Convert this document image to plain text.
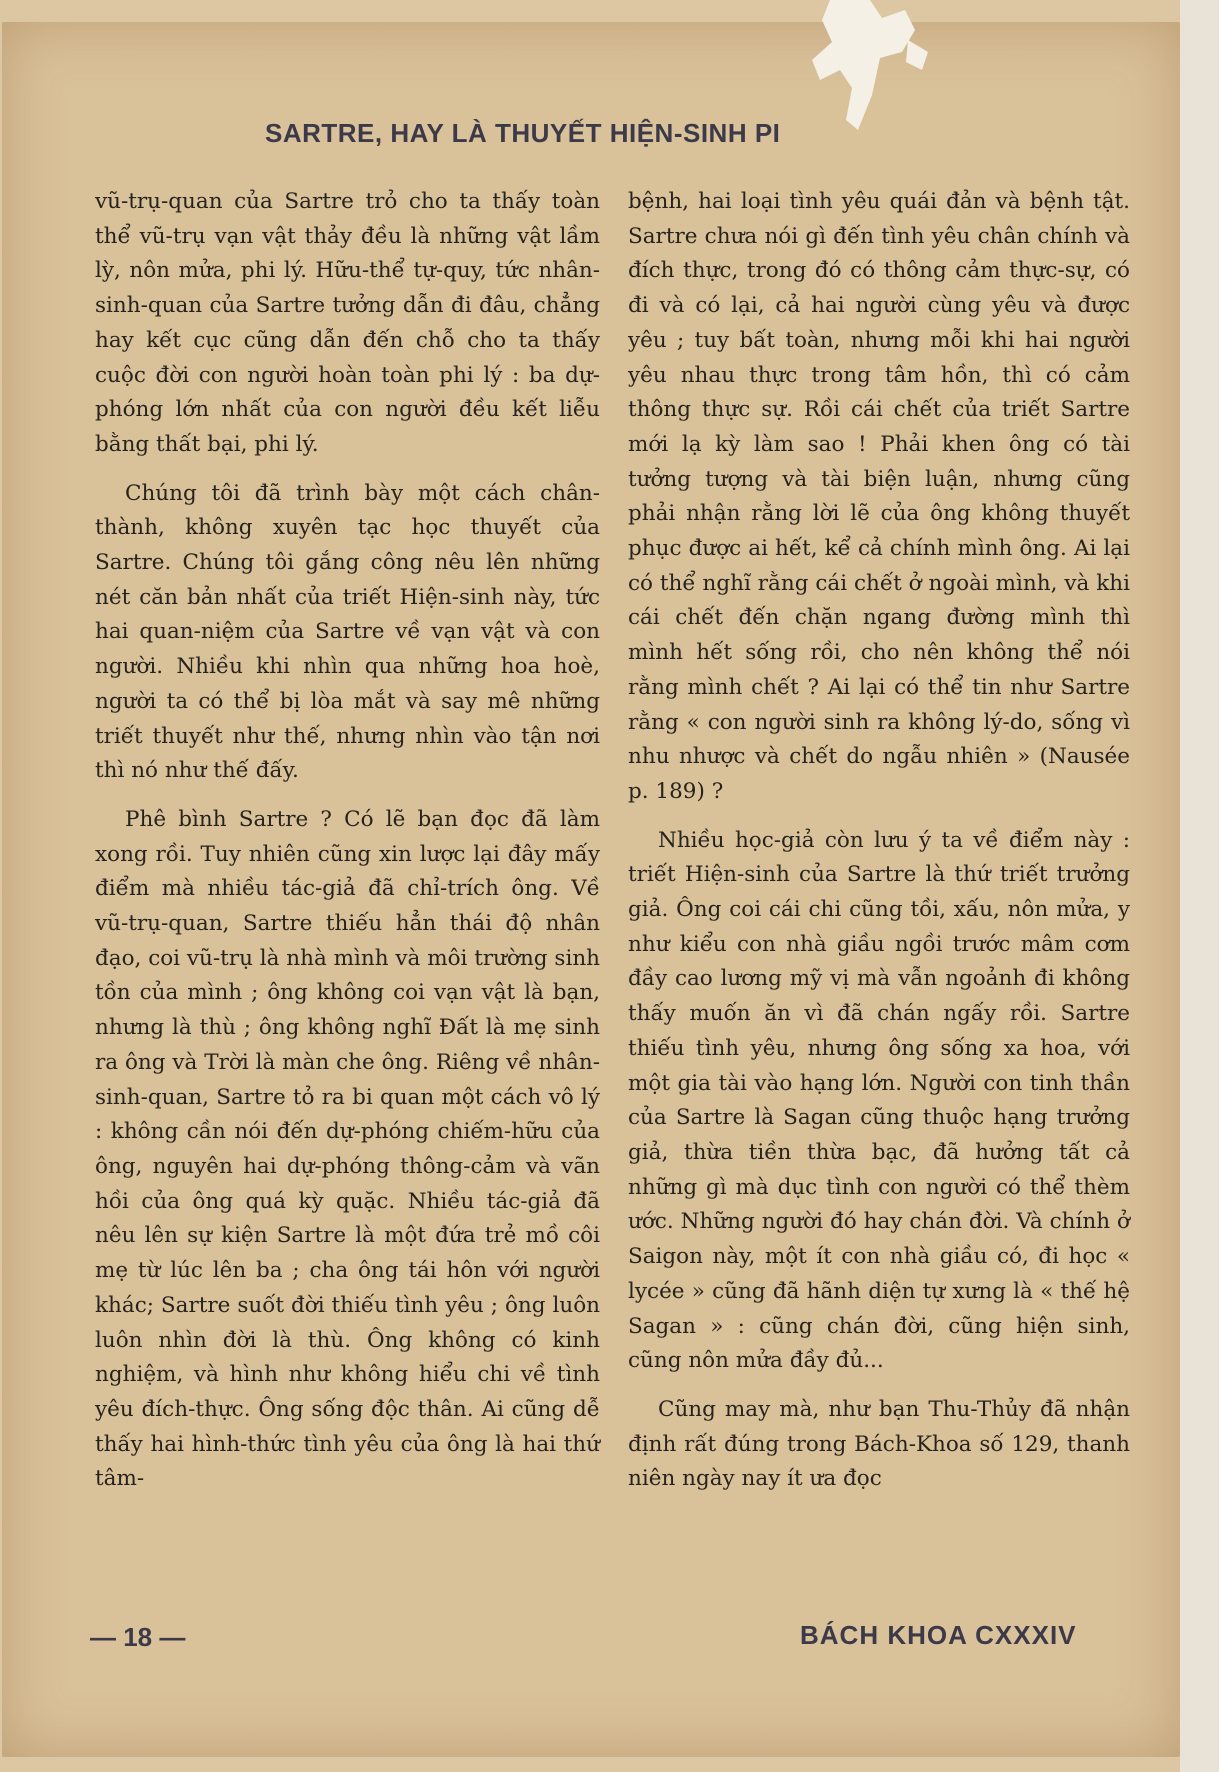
SARTRE, HAY LÀ THUYẾT HIỆN-SINH PI

vũ-trụ-quan của Sartre trỏ cho ta thấy toàn thể vũ-trụ vạn vật thảy đều là những vật lầm lỳ, nôn mửa, phi lý. Hữu-thể tự-quy, tức nhân-sinh-quan của Sartre tưởng dẫn đi đâu, chẳng hay kết cục cũng dẫn đến chỗ cho ta thấy cuộc đời con người hoàn toàn phi lý : ba dự-phóng lớn nhất của con người đều kết liễu bằng thất bại, phi lý.

Chúng tôi đã trình bày một cách chân-thành, không xuyên tạc học thuyết của Sartre. Chúng tôi gắng công nêu lên những nét căn bản nhất của triết Hiện-sinh này, tức hai quan-niệm của Sartre về vạn vật và con người. Nhiều khi nhìn qua những hoa hoè, người ta có thể bị lòa mắt và say mê những triết thuyết như thế, nhưng nhìn vào tận nơi thì nó như thế đấy.

Phê bình Sartre ? Có lẽ bạn đọc đã làm xong rồi. Tuy nhiên cũng xin lược lại đây mấy điểm mà nhiều tác-giả đã chỉ-trích ông. Về vũ-trụ-quan, Sartre thiếu hẳn thái độ nhân đạo, coi vũ-trụ là nhà mình và môi trường sinh tồn của mình ; ông không coi vạn vật là bạn, nhưng là thù ; ông không nghĩ Đất là mẹ sinh ra ông và Trời là màn che ông. Riêng về nhân-sinh-quan, Sartre tỏ ra bi quan một cách vô lý : không cần nói đến dự-phóng chiếm-hữu của ông, nguyên hai dự-phóng thông-cảm và vãn hồi của ông quá kỳ quặc. Nhiều tác-giả đã nêu lên sự kiện Sartre là một đứa trẻ mồ côi mẹ từ lúc lên ba ; cha ông tái hôn với người khác; Sartre suốt đời thiếu tình yêu ; ông luôn luôn nhìn đời là thù. Ông không có kinh nghiệm, và hình như không hiểu chi về tình yêu đích-thực. Ông sống độc thân. Ai cũng dễ thấy hai hình-thức tình yêu của ông là hai thứ tâm-

bệnh, hai loại tình yêu quái đản và bệnh tật. Sartre chưa nói gì đến tình yêu chân chính và đích thực, trong đó có thông cảm thực-sự, có đi và có lại, cả hai người cùng yêu và được yêu ; tuy bất toàn, nhưng mỗi khi hai người yêu nhau thực trong tâm hồn, thì có cảm thông thực sự. Rồi cái chết của triết Sartre mới lạ kỳ làm sao ! Phải khen ông có tài tưởng tượng và tài biện luận, nhưng cũng phải nhận rằng lời lẽ của ông không thuyết phục được ai hết, kể cả chính mình ông. Ai lại có thể nghĩ rằng cái chết ở ngoài mình, và khi cái chết đến chặn ngang đường mình thì mình hết sống rồi, cho nên không thể nói rằng mình chết ? Ai lại có thể tin như Sartre rằng « con người sinh ra không lý-do, sống vì nhu nhược và chết do ngẫu nhiên » (Nausée p. 189) ?

Nhiều học-giả còn lưu ý ta về điểm này : triết Hiện-sinh của Sartre là thứ triết trưởng giả. Ông coi cái chi cũng tồi, xấu, nôn mửa, y như kiểu con nhà giầu ngồi trước mâm cơm đầy cao lương mỹ vị mà vẫn ngoảnh đi không thấy muốn ăn vì đã chán ngấy rồi. Sartre thiếu tình yêu, nhưng ông sống xa hoa, với một gia tài vào hạng lớn. Người con tinh thần của Sartre là Sagan cũng thuộc hạng trưởng giả, thừa tiền thừa bạc, đã hưởng tất cả những gì mà dục tình con người có thể thèm ước. Những người đó hay chán đời. Và chính ở Saigon này, một ít con nhà giầu có, đi học « lycée » cũng đã hãnh diện tự xưng là « thế hệ Sagan » : cũng chán đời, cũng hiện sinh, cũng nôn mửa đầy đủ...

Cũng may mà, như bạn Thu-Thủy đã nhận định rất đúng trong Bách-Khoa số 129, thanh niên ngày nay ít ưa đọc

— 18 —	BÁCH KHOA CXXXIV
